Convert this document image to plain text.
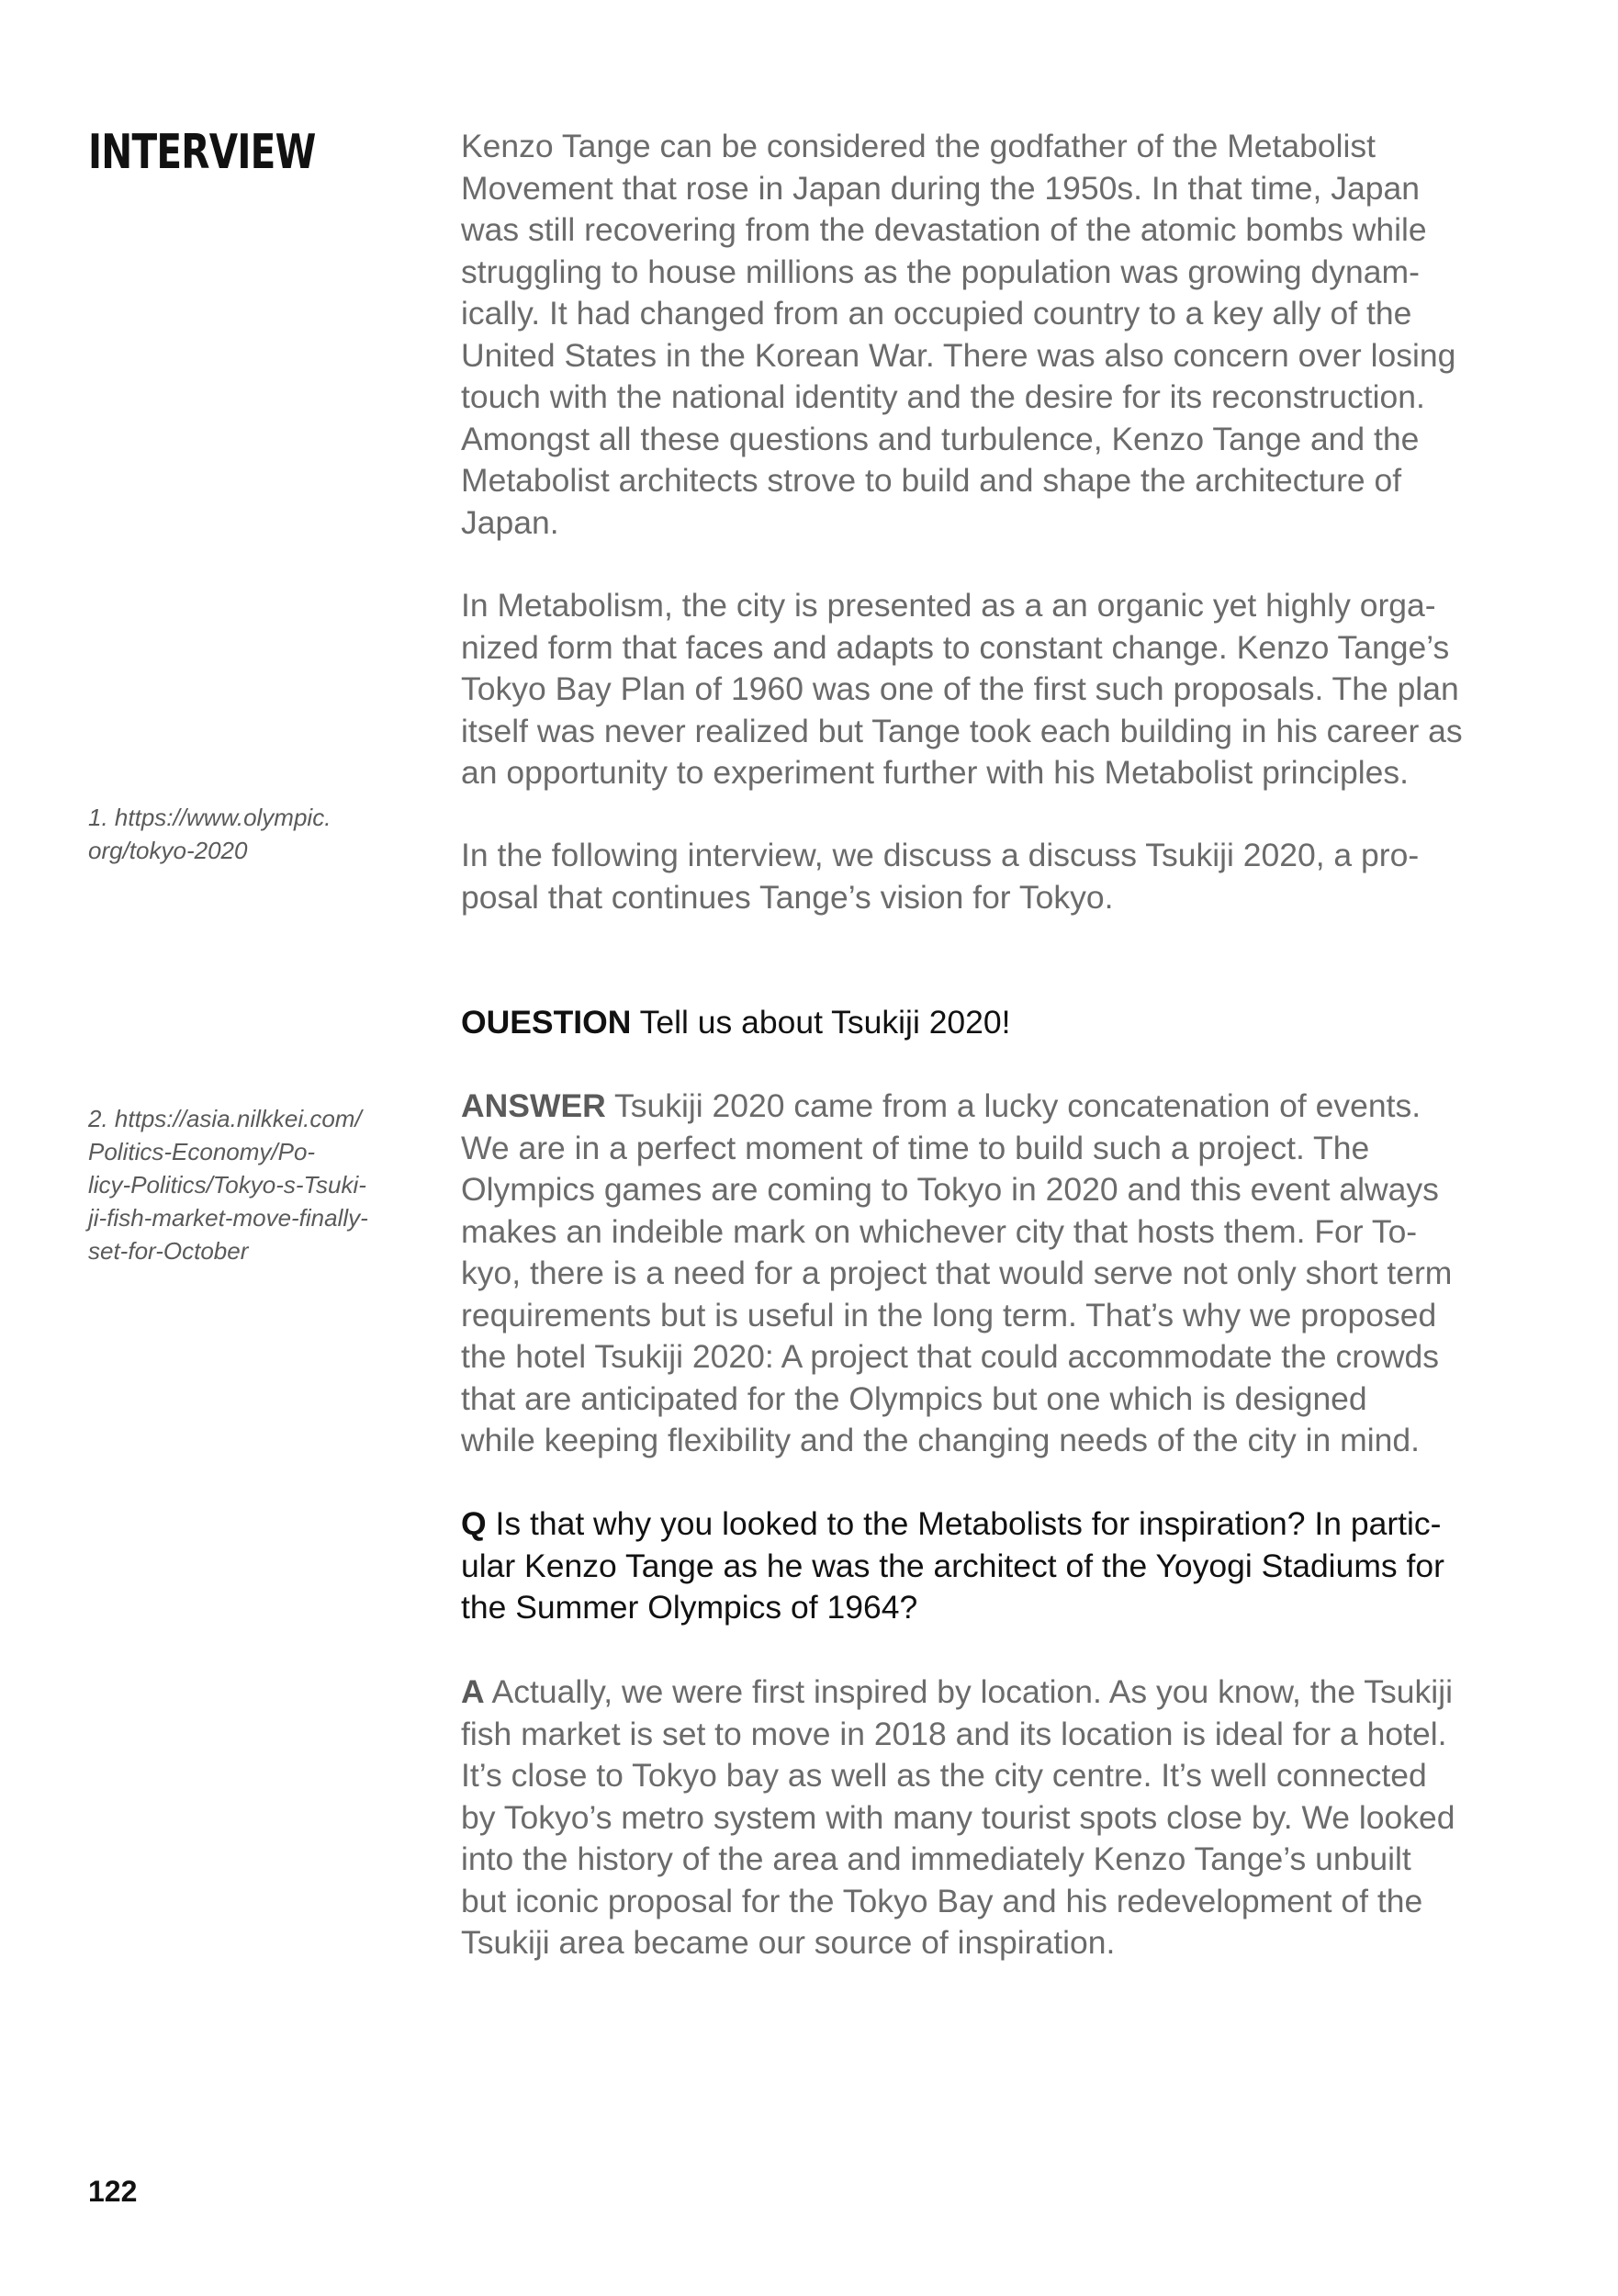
INTERVIEW

1. https://www.olympic.
org/tokyo-2020

2. https://asia.nilkkei.com/
Politics-Economy/Po-
licy-Politics/Tokyo-s-Tsuki-
ji-fish-market-move-finally-
set-for-October

Kenzo Tange can be considered the godfather of the Metabolist
Movement that rose in Japan during the 1950s. In that time, Japan
was still recovering from the devastation of the atomic bombs while
struggling to house millions as the population was growing dynam-
ically. It had changed from an occupied country to a key ally of the
United States in the Korean War. There was also concern over losing
touch with the national identity and the desire for its reconstruction.
Amongst all these questions and turbulence, Kenzo Tange and the
Metabolist architects strove to build and shape the architecture of
Japan.

In Metabolism, the city is presented as a an organic yet highly orga-
nized form that faces and adapts to constant change. Kenzo Tange’s
Tokyo Bay Plan of 1960 was one of the first such proposals. The plan
itself was never realized but Tange took each building in his career as
an opportunity to experiment further with his Metabolist principles.

In the following interview, we discuss a discuss Tsukiji 2020, a pro-
posal that continues Tange’s vision for Tokyo.

OUESTION Tell us about Tsukiji 2020!

ANSWER Tsukiji 2020 came from a lucky concatenation of events.
We are in a perfect moment of time to build such a project. The
Olympics games are coming to Tokyo in 2020 and this event always
makes an indeible mark on whichever city that hosts them. For To-
kyo, there is a need for a project that would serve not only short term
requirements but is useful in the long term. That’s why we proposed
the hotel Tsukiji 2020: A project that could accommodate the crowds
that are anticipated for the Olympics but one which is designed
while keeping flexibility and the changing needs of the city in mind.

Q Is that why you looked to the Metabolists for inspiration? In partic-
ular Kenzo Tange as he was the architect of the Yoyogi Stadiums for
the Summer Olympics of 1964?

A Actually, we were first inspired by location. As you know, the Tsukiji
fish market is set to move in 2018 and its location is ideal for a hotel.
It’s close to Tokyo bay as well as the city centre. It’s well connected
by Tokyo’s metro system with many tourist spots close by. We looked
into the history of the area and immediately Kenzo Tange’s unbuilt
but iconic proposal for the Tokyo Bay and his redevelopment of the
Tsukiji area became our source of inspiration.

122
